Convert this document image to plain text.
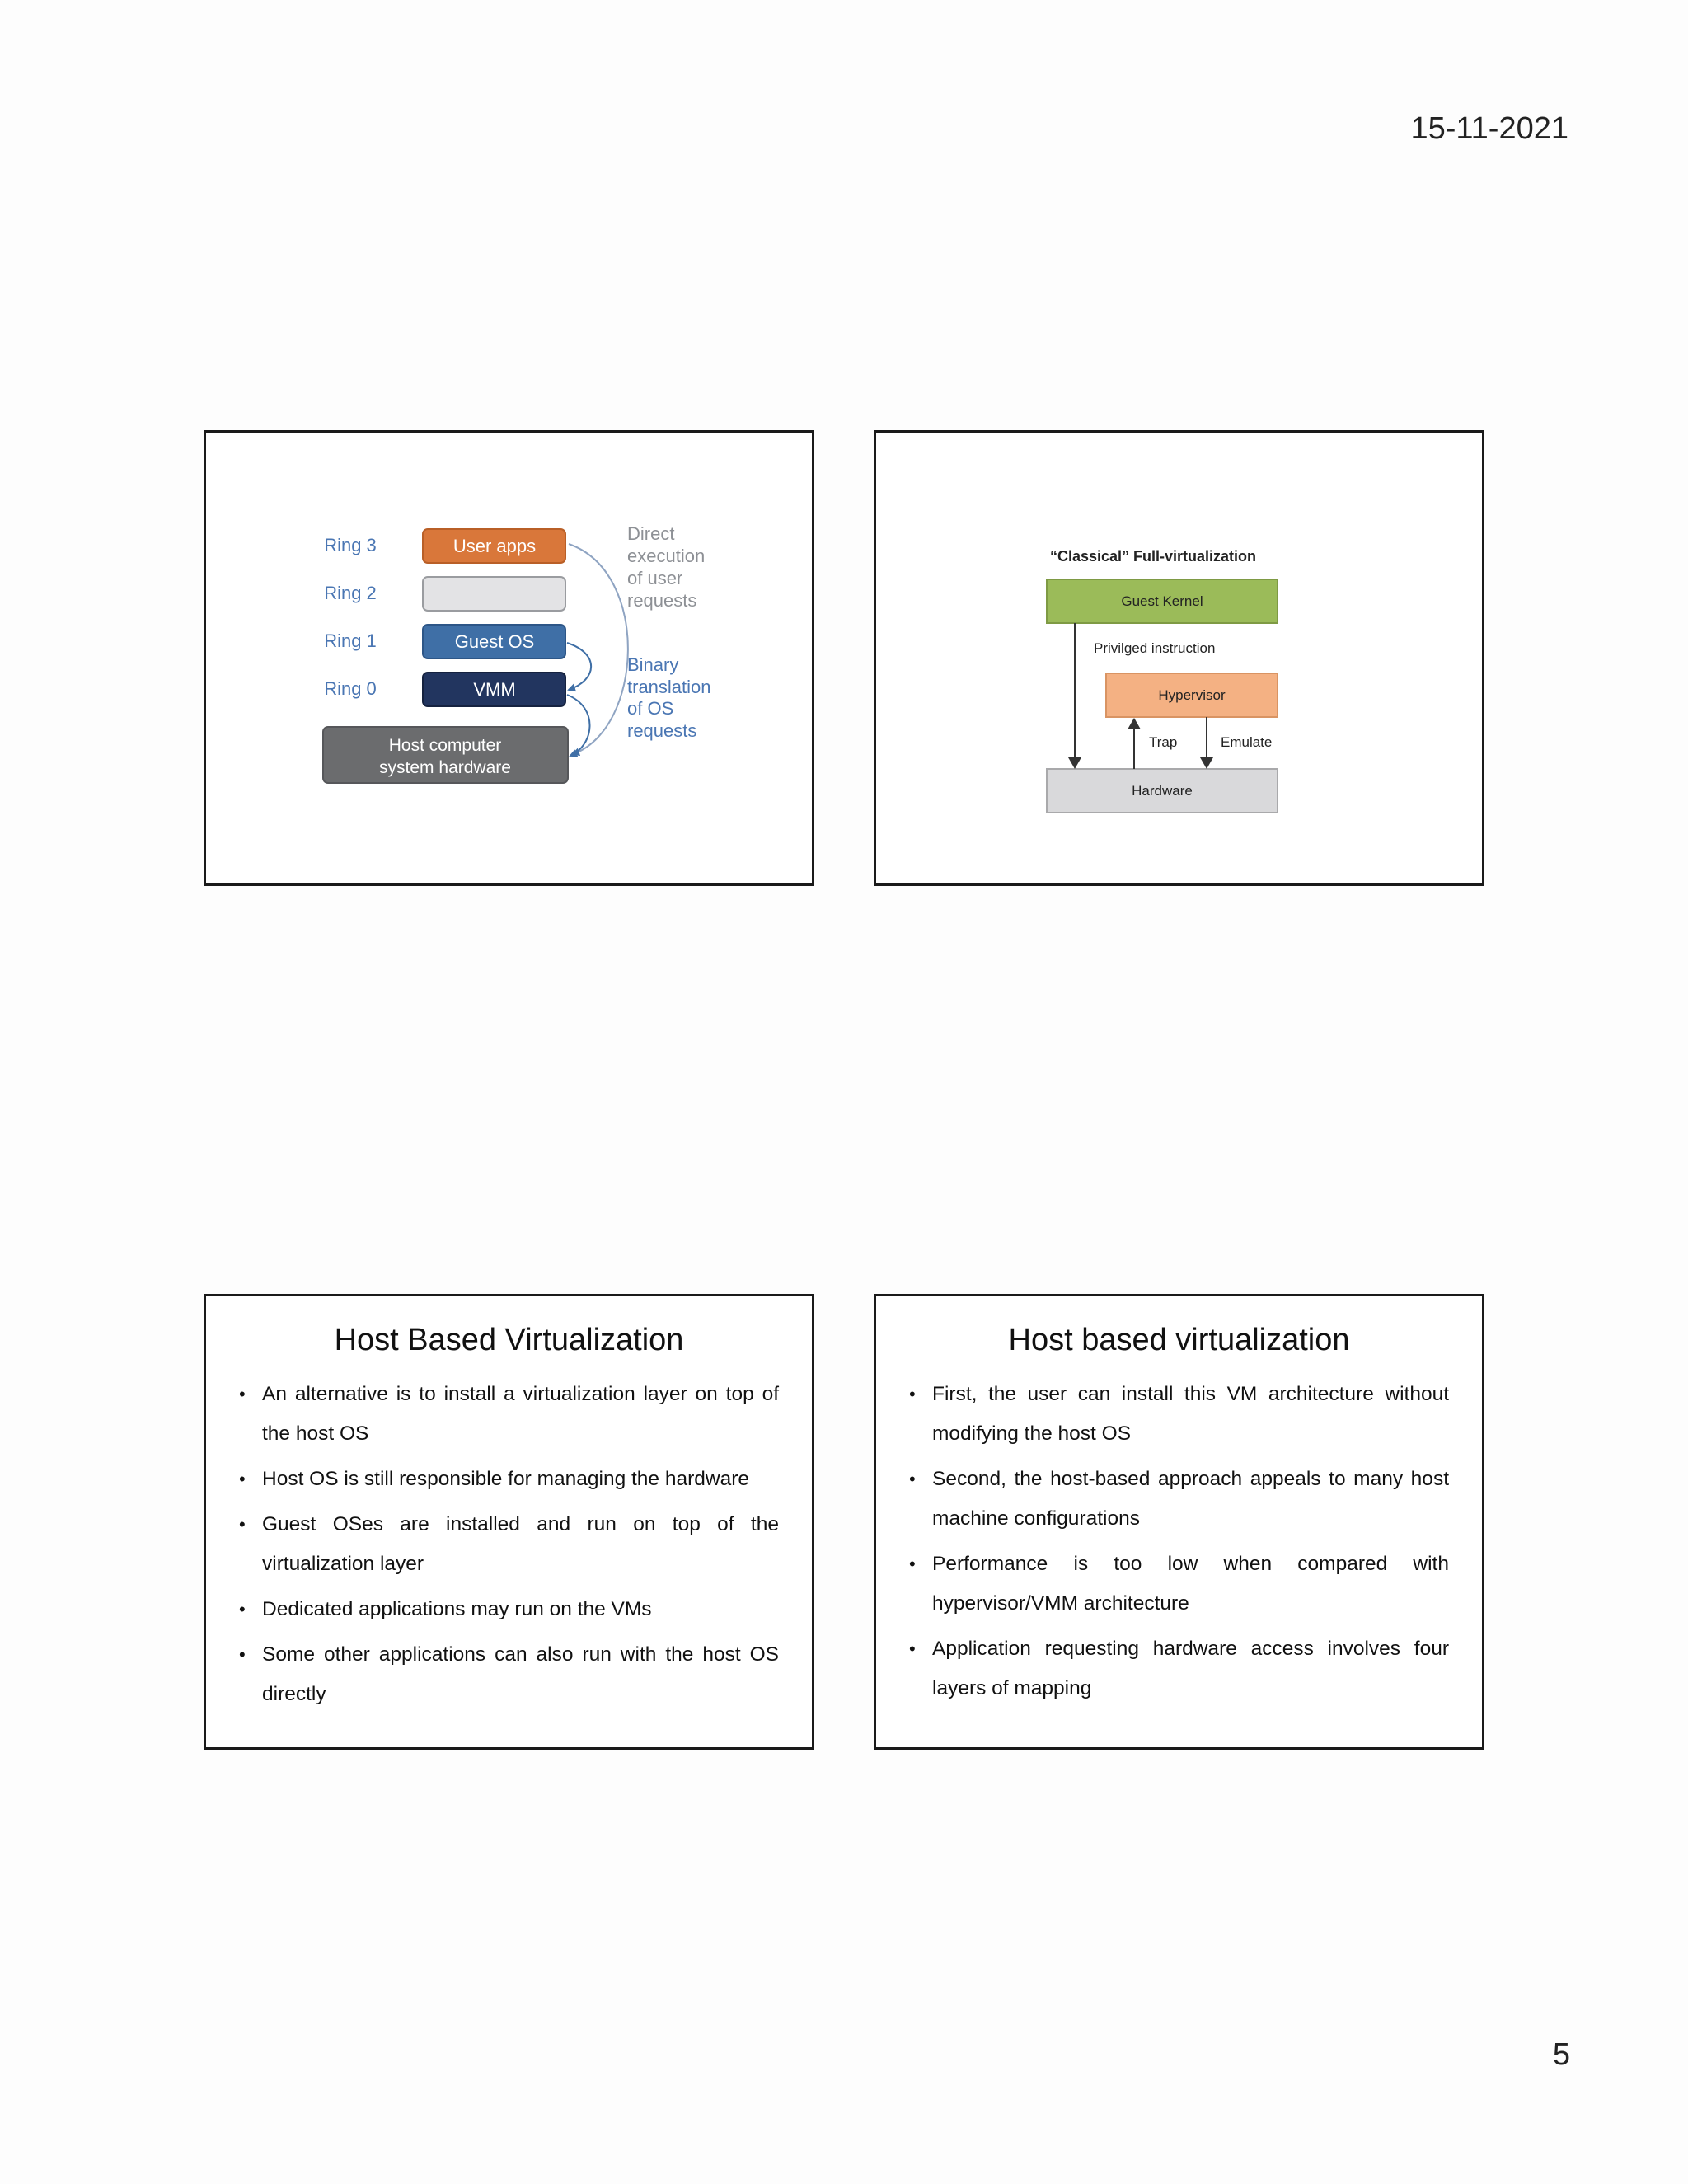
15-11-2021
Ring 3
Ring 2
Ring 1
Ring 0
User apps
Guest OS
VMM
Host computer
system hardware
Direct
execution
of user
requests
Binary
translation
of OS
requests
“Classical” Full-virtualization
Guest Kernel
Privilged instruction
Hypervisor
Hardware
Trap	Emulate
Host Based Virtualization
• An alternative is to install a virtualization layer on top of the host OS
• Host OS is still responsible for managing the hardware
• Guest OSes are installed and run on top of the virtualization layer
• Dedicated applications may run on the VMs
• Some other applications can also run with the host OS directly
Host based virtualization
• First, the user can install this VM architecture without modifying the host OS
• Second, the host-based approach appeals to many host machine configurations
• Performance is too low when compared with hypervisor/VMM architecture
• Application requesting hardware access involves four layers of mapping
5
